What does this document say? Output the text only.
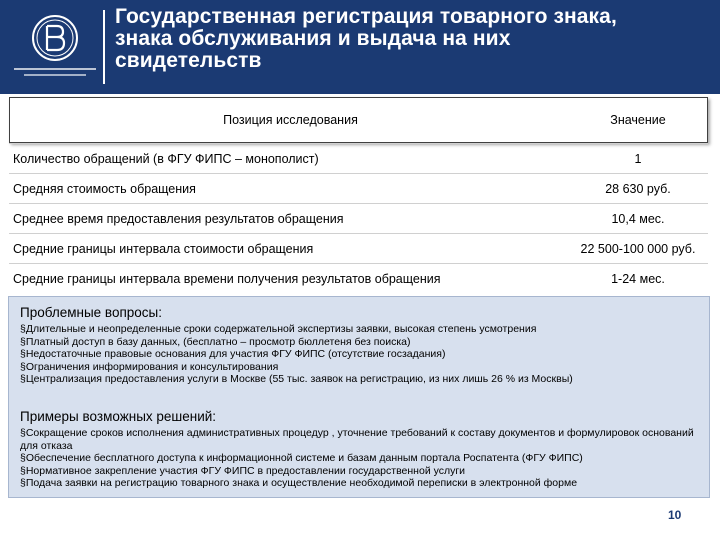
Государственная регистрация товарного знака,
знака обслуживания и выдача на них
свидетельств
Позиция исследования	Значение
Количество обращений (в ФГУ ФИПС – монополист)	1
Средняя стоимость обращения	28 630 руб.
Среднее время предоставления результатов обращения	10,4 мес.
Средние границы интервала стоимости обращения	22 500-100 000 руб.
Средние границы интервала времени получения результатов обращения	1-24 мес.
Проблемные вопросы:
§Длительные и неопределенные сроки содержательной экспертизы заявки, высокая степень усмотрения
§Платный доступ в базу данных, (бесплатно – просмотр бюллетеня без поиска)
§Недостаточные правовые основания для участия ФГУ ФИПС (отсутствие госзадания)
§Ограничения информирования и консультирования
§Централизация предоставления услуги в Москве (55 тыс. заявок на регистрацию, из них лишь 26 % из Москвы)
Примеры возможных решений:
§Сокращение сроков исполнения административных процедур , уточнение требований к составу документов и формулировок оснований для отказа
§Обеспечение бесплатного доступа к информационной системе и базам данным портала Роспатента (ФГУ ФИПС)
§Нормативное закрепление участия ФГУ ФИПС в предоставлении государственной услуги
§Подача заявки на регистрацию товарного знака и осуществление необходимой переписки в электронной форме
10
